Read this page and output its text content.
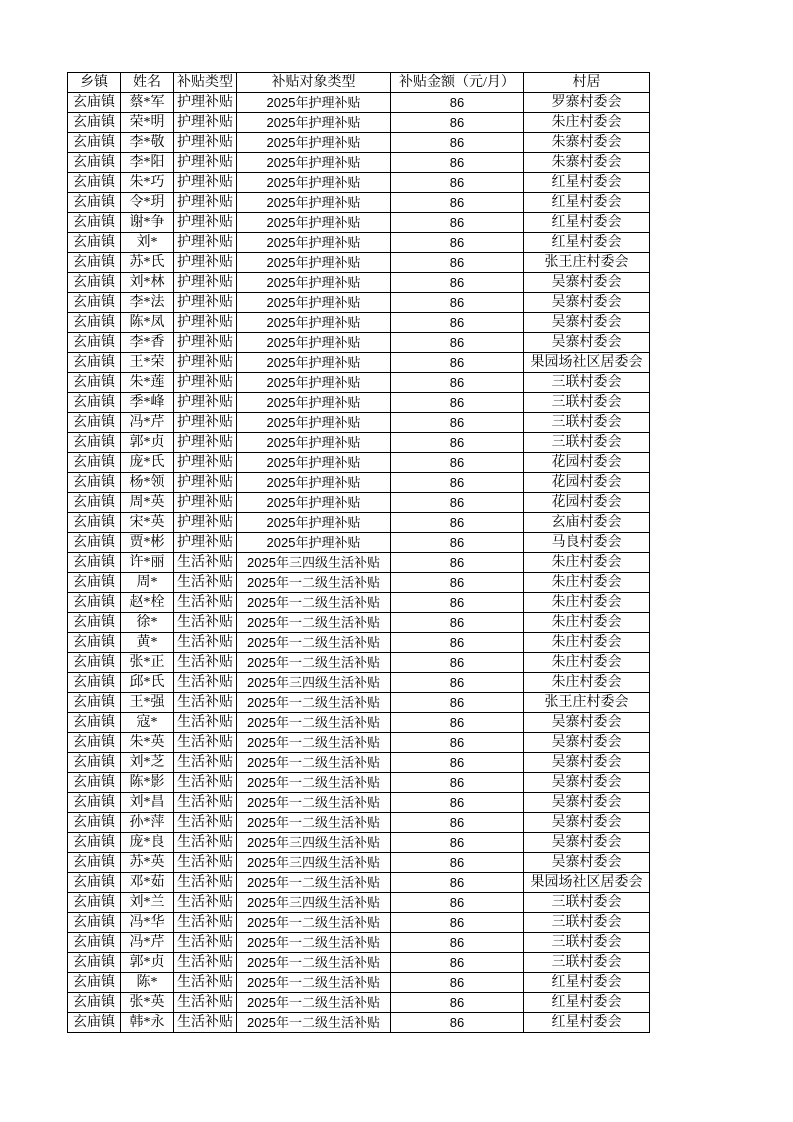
乡镇	姓名	补贴类型	补贴对象类型	补贴金额（元/月）	村居
玄庙镇	蔡*军	护理补贴	2025年护理补贴	86	罗寨村委会
玄庙镇	荣*明	护理补贴	2025年护理补贴	86	朱庄村委会
玄庙镇	李*敬	护理补贴	2025年护理补贴	86	朱寨村委会
玄庙镇	李*阳	护理补贴	2025年护理补贴	86	朱寨村委会
玄庙镇	朱*巧	护理补贴	2025年护理补贴	86	红星村委会
玄庙镇	令*玥	护理补贴	2025年护理补贴	86	红星村委会
玄庙镇	谢*争	护理补贴	2025年护理补贴	86	红星村委会
玄庙镇	刘*	护理补贴	2025年护理补贴	86	红星村委会
玄庙镇	苏*氏	护理补贴	2025年护理补贴	86	张王庄村委会
玄庙镇	刘*林	护理补贴	2025年护理补贴	86	吴寨村委会
玄庙镇	李*法	护理补贴	2025年护理补贴	86	吴寨村委会
玄庙镇	陈*凤	护理补贴	2025年护理补贴	86	吴寨村委会
玄庙镇	李*香	护理补贴	2025年护理补贴	86	吴寨村委会
玄庙镇	王*荣	护理补贴	2025年护理补贴	86	果园场社区居委会
玄庙镇	朱*莲	护理补贴	2025年护理补贴	86	三联村委会
玄庙镇	季*峰	护理补贴	2025年护理补贴	86	三联村委会
玄庙镇	冯*芹	护理补贴	2025年护理补贴	86	三联村委会
玄庙镇	郭*贞	护理补贴	2025年护理补贴	86	三联村委会
玄庙镇	庞*氏	护理补贴	2025年护理补贴	86	花园村委会
玄庙镇	杨*领	护理补贴	2025年护理补贴	86	花园村委会
玄庙镇	周*英	护理补贴	2025年护理补贴	86	花园村委会
玄庙镇	宋*英	护理补贴	2025年护理补贴	86	玄庙村委会
玄庙镇	贾*彬	护理补贴	2025年护理补贴	86	马良村委会
玄庙镇	许*丽	生活补贴	2025年三四级生活补贴	86	朱庄村委会
玄庙镇	周*	生活补贴	2025年一二级生活补贴	86	朱庄村委会
玄庙镇	赵*栓	生活补贴	2025年一二级生活补贴	86	朱庄村委会
玄庙镇	徐*	生活补贴	2025年一二级生活补贴	86	朱庄村委会
玄庙镇	黄*	生活补贴	2025年一二级生活补贴	86	朱庄村委会
玄庙镇	张*正	生活补贴	2025年一二级生活补贴	86	朱庄村委会
玄庙镇	邱*氏	生活补贴	2025年三四级生活补贴	86	朱庄村委会
玄庙镇	王*强	生活补贴	2025年一二级生活补贴	86	张王庄村委会
玄庙镇	寇*	生活补贴	2025年一二级生活补贴	86	吴寨村委会
玄庙镇	朱*英	生活补贴	2025年一二级生活补贴	86	吴寨村委会
玄庙镇	刘*芝	生活补贴	2025年一二级生活补贴	86	吴寨村委会
玄庙镇	陈*影	生活补贴	2025年一二级生活补贴	86	吴寨村委会
玄庙镇	刘*昌	生活补贴	2025年一二级生活补贴	86	吴寨村委会
玄庙镇	孙*萍	生活补贴	2025年一二级生活补贴	86	吴寨村委会
玄庙镇	庞*良	生活补贴	2025年三四级生活补贴	86	吴寨村委会
玄庙镇	苏*英	生活补贴	2025年三四级生活补贴	86	吴寨村委会
玄庙镇	邓*茹	生活补贴	2025年一二级生活补贴	86	果园场社区居委会
玄庙镇	刘*兰	生活补贴	2025年三四级生活补贴	86	三联村委会
玄庙镇	冯*华	生活补贴	2025年一二级生活补贴	86	三联村委会
玄庙镇	冯*芹	生活补贴	2025年一二级生活补贴	86	三联村委会
玄庙镇	郭*贞	生活补贴	2025年一二级生活补贴	86	三联村委会
玄庙镇	陈*	生活补贴	2025年一二级生活补贴	86	红星村委会
玄庙镇	张*英	生活补贴	2025年一二级生活补贴	86	红星村委会
玄庙镇	韩*永	生活补贴	2025年一二级生活补贴	86	红星村委会
